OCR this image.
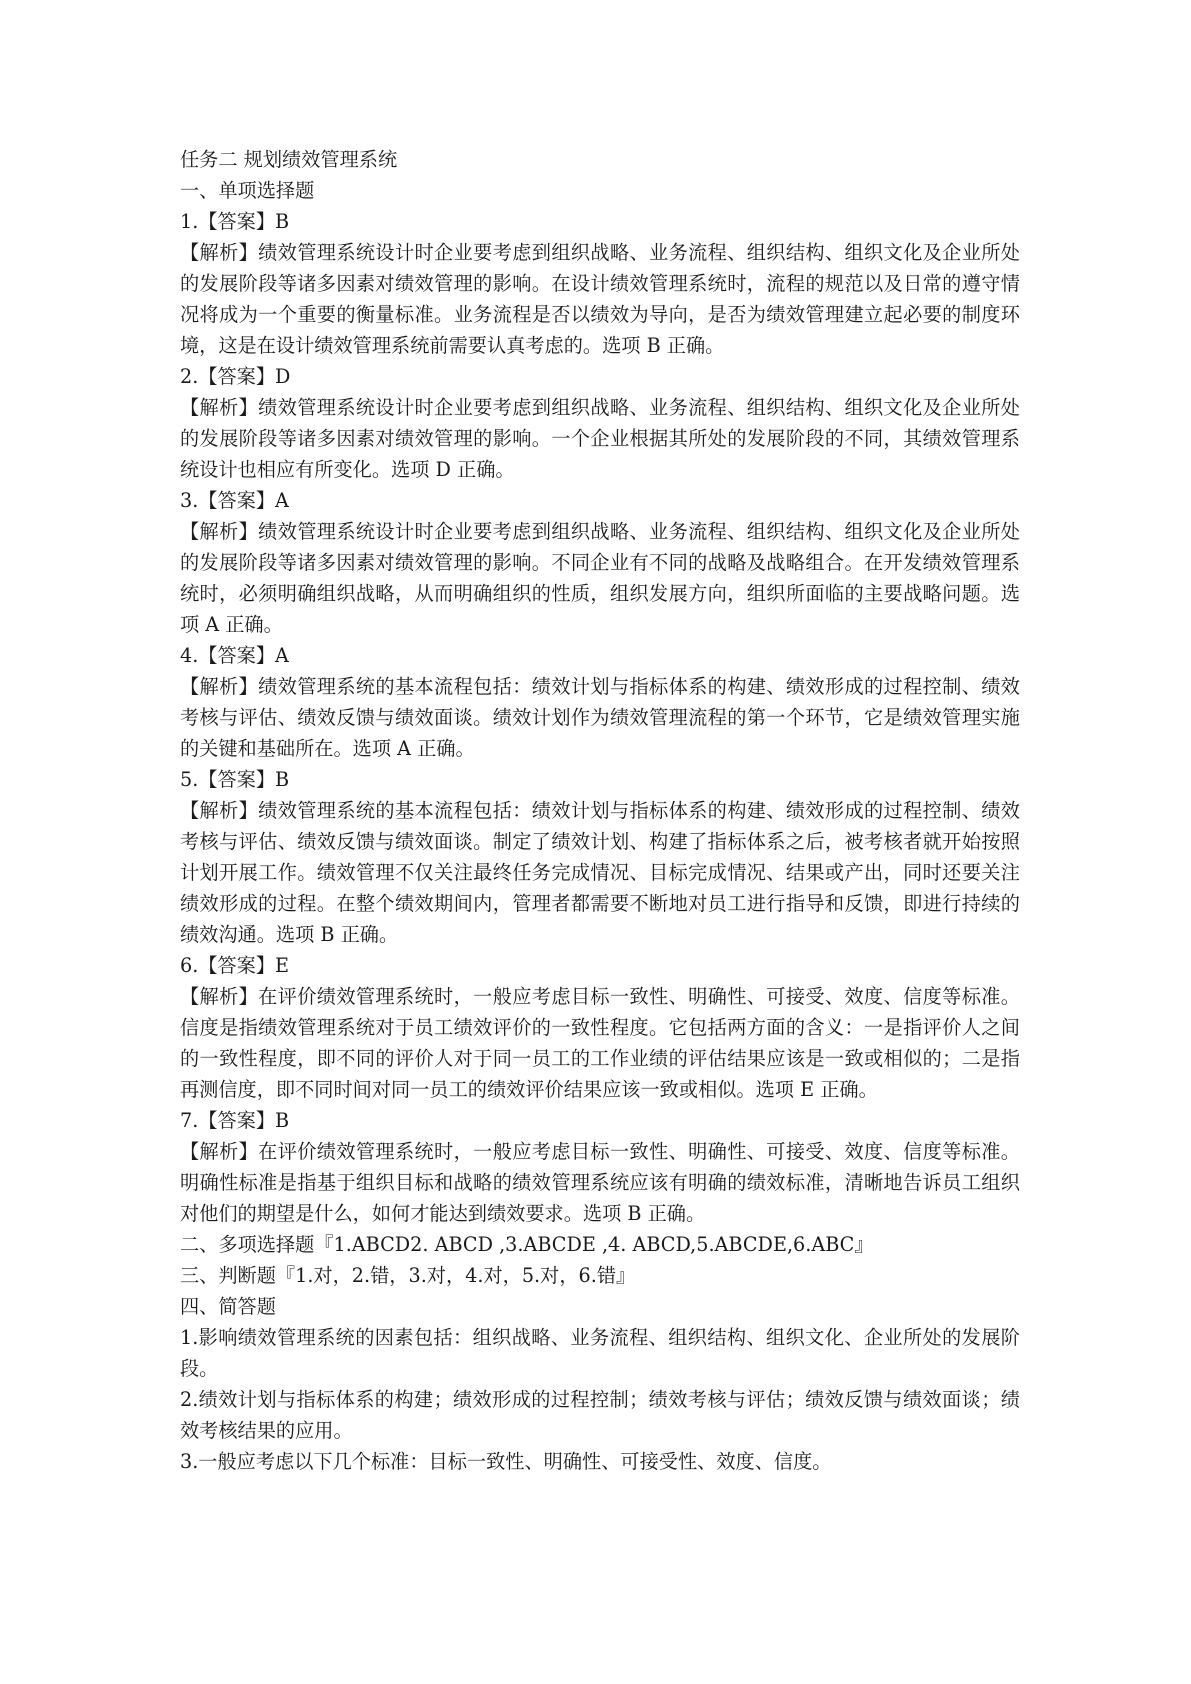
任务二 规划绩效管理系统
一、单项选择题
1.【答案】B
【解析】绩效管理系统设计时企业要考虑到组织战略、业务流程、组织结构、组织文化及企业所处的发展阶段等诸多因素对绩效管理的影响。在设计绩效管理系统时，流程的规范以及日常的遵守情况将成为一个重要的衡量标准。业务流程是否以绩效为导向，是否为绩效管理建立起必要的制度环境，这是在设计绩效管理系统前需要认真考虑的。选项 B 正确。
2.【答案】D
【解析】绩效管理系统设计时企业要考虑到组织战略、业务流程、组织结构、组织文化及企业所处的发展阶段等诸多因素对绩效管理的影响。一个企业根据其所处的发展阶段的不同，其绩效管理系统设计也相应有所变化。选项 D 正确。
3.【答案】A
【解析】绩效管理系统设计时企业要考虑到组织战略、业务流程、组织结构、组织文化及企业所处的发展阶段等诸多因素对绩效管理的影响。不同企业有不同的战略及战略组合。在开发绩效管理系统时，必须明确组织战略，从而明确组织的性质，组织发展方向，组织所面临的主要战略问题。选项 A 正确。
4.【答案】A
【解析】绩效管理系统的基本流程包括：绩效计划与指标体系的构建、绩效形成的过程控制、绩效考核与评估、绩效反馈与绩效面谈。绩效计划作为绩效管理流程的第一个环节，它是绩效管理实施的关键和基础所在。选项 A 正确。
5.【答案】B
【解析】绩效管理系统的基本流程包括：绩效计划与指标体系的构建、绩效形成的过程控制、绩效考核与评估、绩效反馈与绩效面谈。制定了绩效计划、构建了指标体系之后，被考核者就开始按照计划开展工作。绩效管理不仅关注最终任务完成情况、目标完成情况、结果或产出，同时还要关注绩效形成的过程。在整个绩效期间内，管理者都需要不断地对员工进行指导和反馈，即进行持续的绩效沟通。选项 B 正确。
6.【答案】E
【解析】在评价绩效管理系统时，一般应考虑目标一致性、明确性、可接受、效度、信度等标准。信度是指绩效管理系统对于员工绩效评价的一致性程度。它包括两方面的含义：一是指评价人之间的一致性程度，即不同的评价人对于同一员工的工作业绩的评估结果应该是一致或相似的；二是指再测信度，即不同时间对同一员工的绩效评价结果应该一致或相似。选项 E 正确。
7.【答案】B
【解析】在评价绩效管理系统时，一般应考虑目标一致性、明确性、可接受、效度、信度等标准。明确性标准是指基于组织目标和战略的绩效管理系统应该有明确的绩效标准，清晰地告诉员工组织对他们的期望是什么，如何才能达到绩效要求。选项 B 正确。
二、多项选择题『1.ABCD2. ABCD ,3.ABCDE ,4. ABCD,5.ABCDE,6.ABC』
三、判断题『1.对，2.错，3.对，4.对，5.对，6.错』
四、简答题
1.影响绩效管理系统的因素包括：组织战略、业务流程、组织结构、组织文化、企业所处的发展阶段。
2.绩效计划与指标体系的构建；绩效形成的过程控制；绩效考核与评估；绩效反馈与绩效面谈；绩效考核结果的应用。
3.一般应考虑以下几个标准：目标一致性、明确性、可接受性、效度、信度。
